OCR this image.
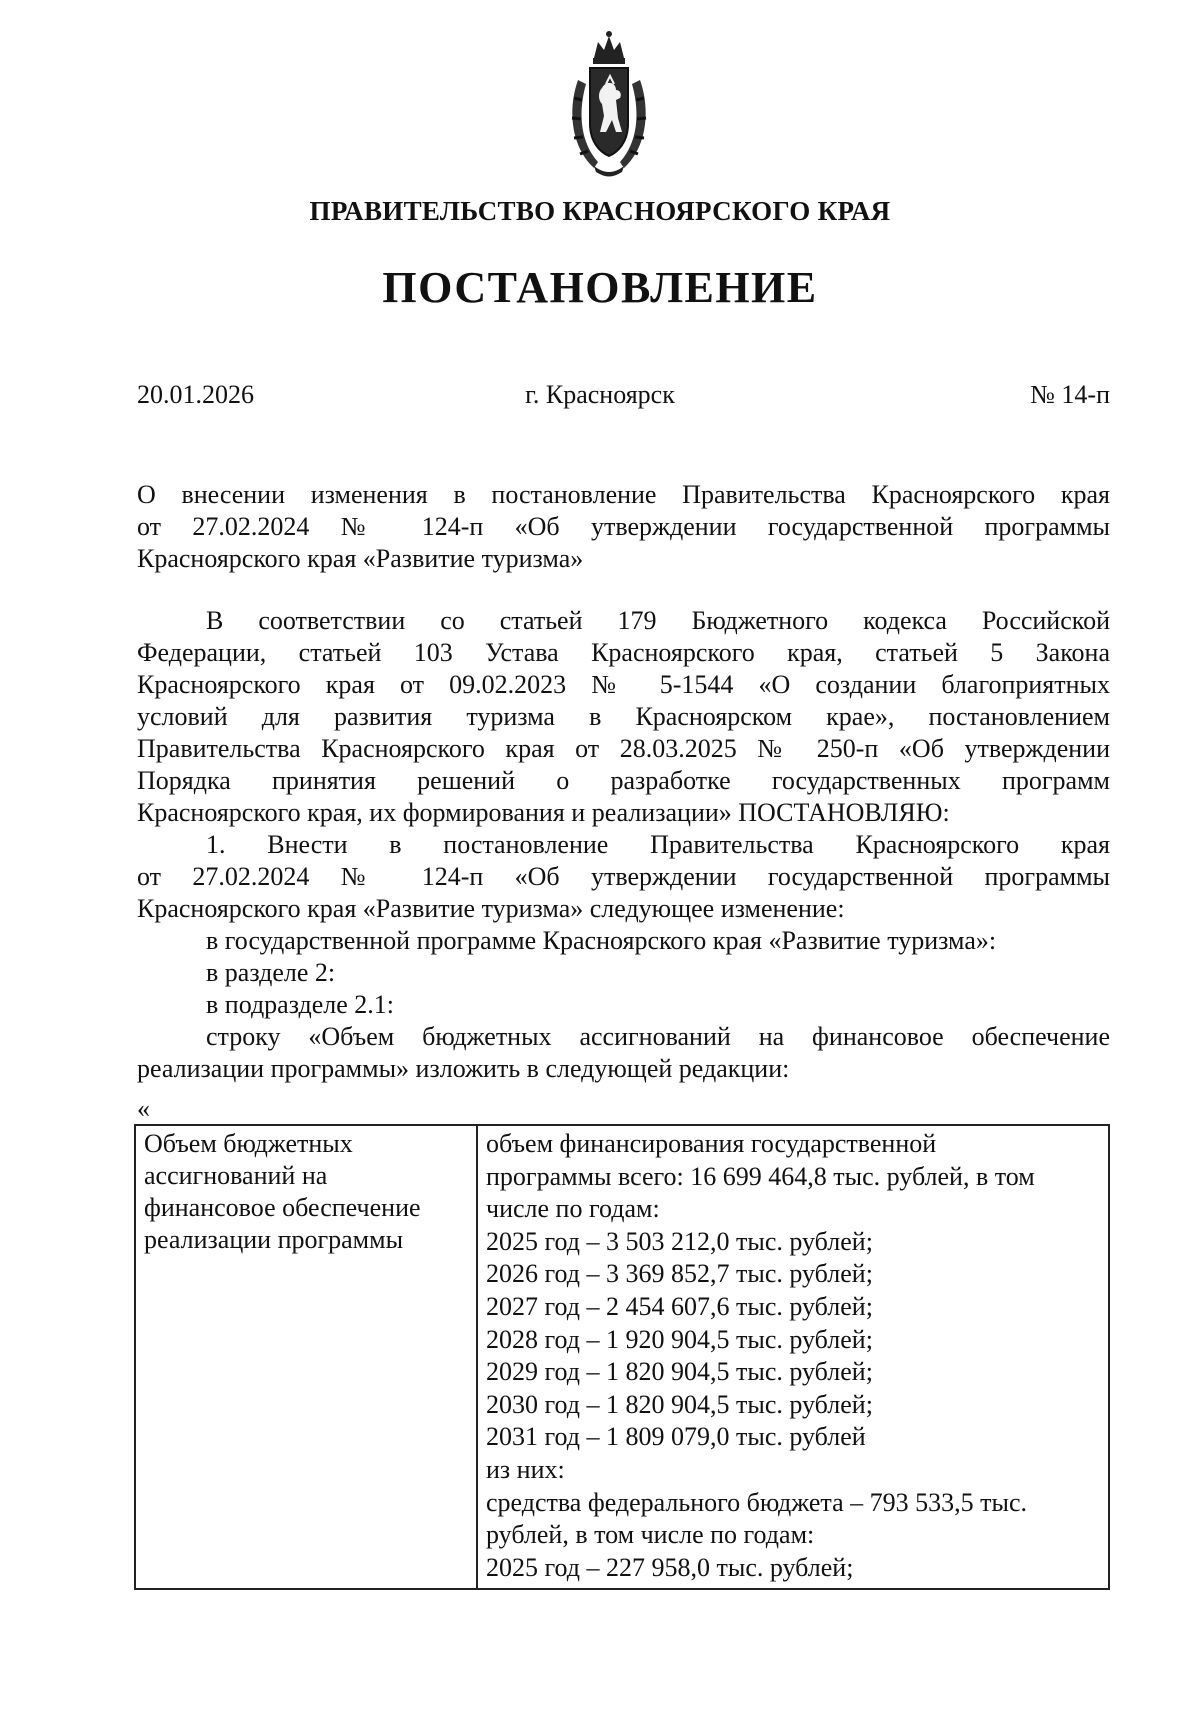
ПРАВИТЕЛЬСТВО КРАСНОЯРСКОГО КРАЯ
ПОСТАНОВЛЕНИЕ
20.01.2026	г. Красноярск	№ 14-п
О внесении изменения в постановление Правительства Красноярского края
от 27.02.2024 № 124-п «Об утверждении государственной программы
Красноярского края «Развитие туризма»
В соответствии со статьей 179 Бюджетного кодекса Российской
Федерации, статьей 103 Устава Красноярского края, статьей 5 Закона
Красноярского края от 09.02.2023 № 5-1544 «О создании благоприятных
условий для развития туризма в Красноярском крае», постановлением
Правительства Красноярского края от 28.03.2025 № 250-п «Об утверждении
Порядка принятия решений о разработке государственных программ
Красноярского края, их формирования и реализации» ПОСТАНОВЛЯЮ:
1. Внести в постановление Правительства Красноярского края
от 27.02.2024 № 124-п «Об утверждении государственной программы
Красноярского края «Развитие туризма» следующее изменение:
в государственной программе Красноярского края «Развитие туризма»:
в разделе 2:
в подразделе 2.1:
строку «Объем бюджетных ассигнований на финансовое обеспечение
реализации программы» изложить в следующей редакции:
«
Объем бюджетных
ассигнований на
финансовое обеспечение
реализации программы
объем финансирования государственной
программы всего: 16 699 464,8 тыс. рублей, в том
числе по годам:
2025 год – 3 503 212,0 тыс. рублей;
2026 год – 3 369 852,7 тыс. рублей;
2027 год – 2 454 607,6 тыс. рублей;
2028 год – 1 920 904,5 тыс. рублей;
2029 год – 1 820 904,5 тыс. рублей;
2030 год – 1 820 904,5 тыс. рублей;
2031 год – 1 809 079,0 тыс. рублей
из них:
средства федерального бюджета – 793 533,5 тыс.
рублей, в том числе по годам:
2025 год – 227 958,0 тыс. рублей;
